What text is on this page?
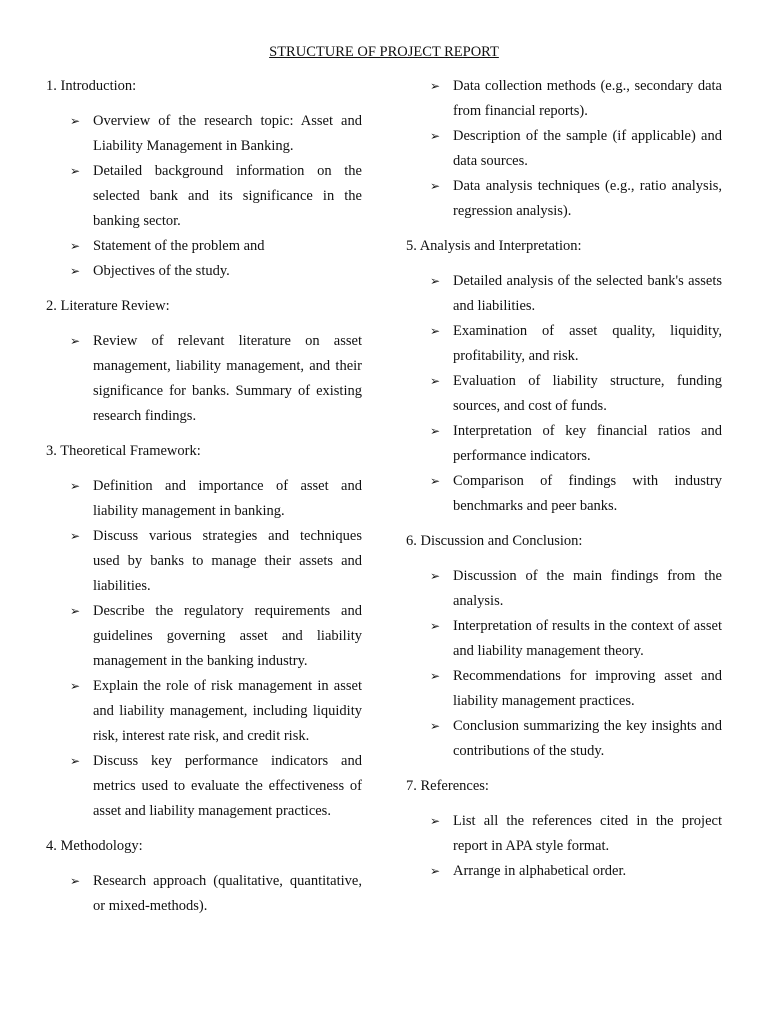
STRUCTURE OF PROJECT REPORT
1. Introduction:
➢ Overview of the research topic: Asset and Liability Management in Banking.
➢ Detailed background information on the selected bank and its significance in the banking sector.
➢ Statement of the problem and
➢ Objectives of the study.
2. Literature Review:
➢ Review of relevant literature on asset management, liability management, and their significance for banks. Summary of existing research findings.
3. Theoretical Framework:
➢ Definition and importance of asset and liability management in banking.
➢ Discuss various strategies and techniques used by banks to manage their assets and liabilities.
➢ Describe the regulatory requirements and guidelines governing asset and liability management in the banking industry.
➢ Explain the role of risk management in asset and liability management, including liquidity risk, interest rate risk, and credit risk.
➢ Discuss key performance indicators and metrics used to evaluate the effectiveness of asset and liability management practices.
4. Methodology:
➢ Research approach (qualitative, quantitative, or mixed-methods).
➢ Data collection methods (e.g., secondary data from financial reports).
➢ Description of the sample (if applicable) and data sources.
➢ Data analysis techniques (e.g., ratio analysis, regression analysis).
5. Analysis and Interpretation:
➢ Detailed analysis of the selected bank's assets and liabilities.
➢ Examination of asset quality, liquidity, profitability, and risk.
➢ Evaluation of liability structure, funding sources, and cost of funds.
➢ Interpretation of key financial ratios and performance indicators.
➢ Comparison of findings with industry benchmarks and peer banks.
6. Discussion and Conclusion:
➢ Discussion of the main findings from the analysis.
➢ Interpretation of results in the context of asset and liability management theory.
➢ Recommendations for improving asset and liability management practices.
➢ Conclusion summarizing the key insights and contributions of the study.
7. References:
➢ List all the references cited in the project report in APA style format.
➢ Arrange in alphabetical order.
